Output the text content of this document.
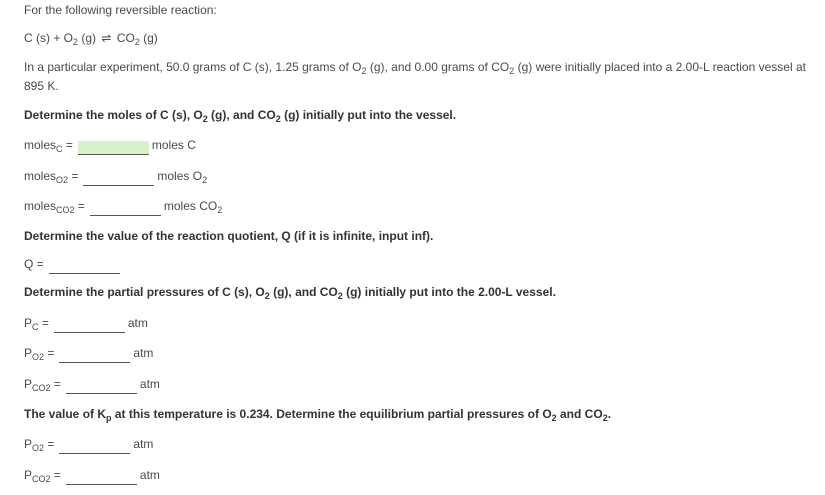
For the following reversible reaction:
C $(s) + O_2$ (g) ⇌ $CO_2$ (g)
In a particular experiment, 50.0 grams of C (s), 1.25 grams of $O_2$ (g), and 0.00 grams of $CO_2$ (g) were initially placed into a 2.00-L reaction vessel at 895 K.
Determine the moles of C (s), $O_2$ (g), and $CO_2$ (g) initially put into the vessel.
moles$_C$ =	moles C
moles$_{O2}$ =	moles $O_2$
moles$_{CO2}$ =	moles $CO_2$
Determine the value of the reaction quotient, Q (if it is infinite, input inf).
Q =
Determine the partial pressures of C (s), $O_2$ (g), and $CO_2$ (g) initially put into the 2.00-L vessel.
$P_C$ =	atm
$P_{O2}$ =	atm
$P_{CO2}$ =	atm
The value of $K_p$ at this temperature is 0.234. Determine the equilibrium partial pressures of $O_2$ and $CO_2$.
$P_{O2}$ =	atm
$P_{CO2}$ =	atm
